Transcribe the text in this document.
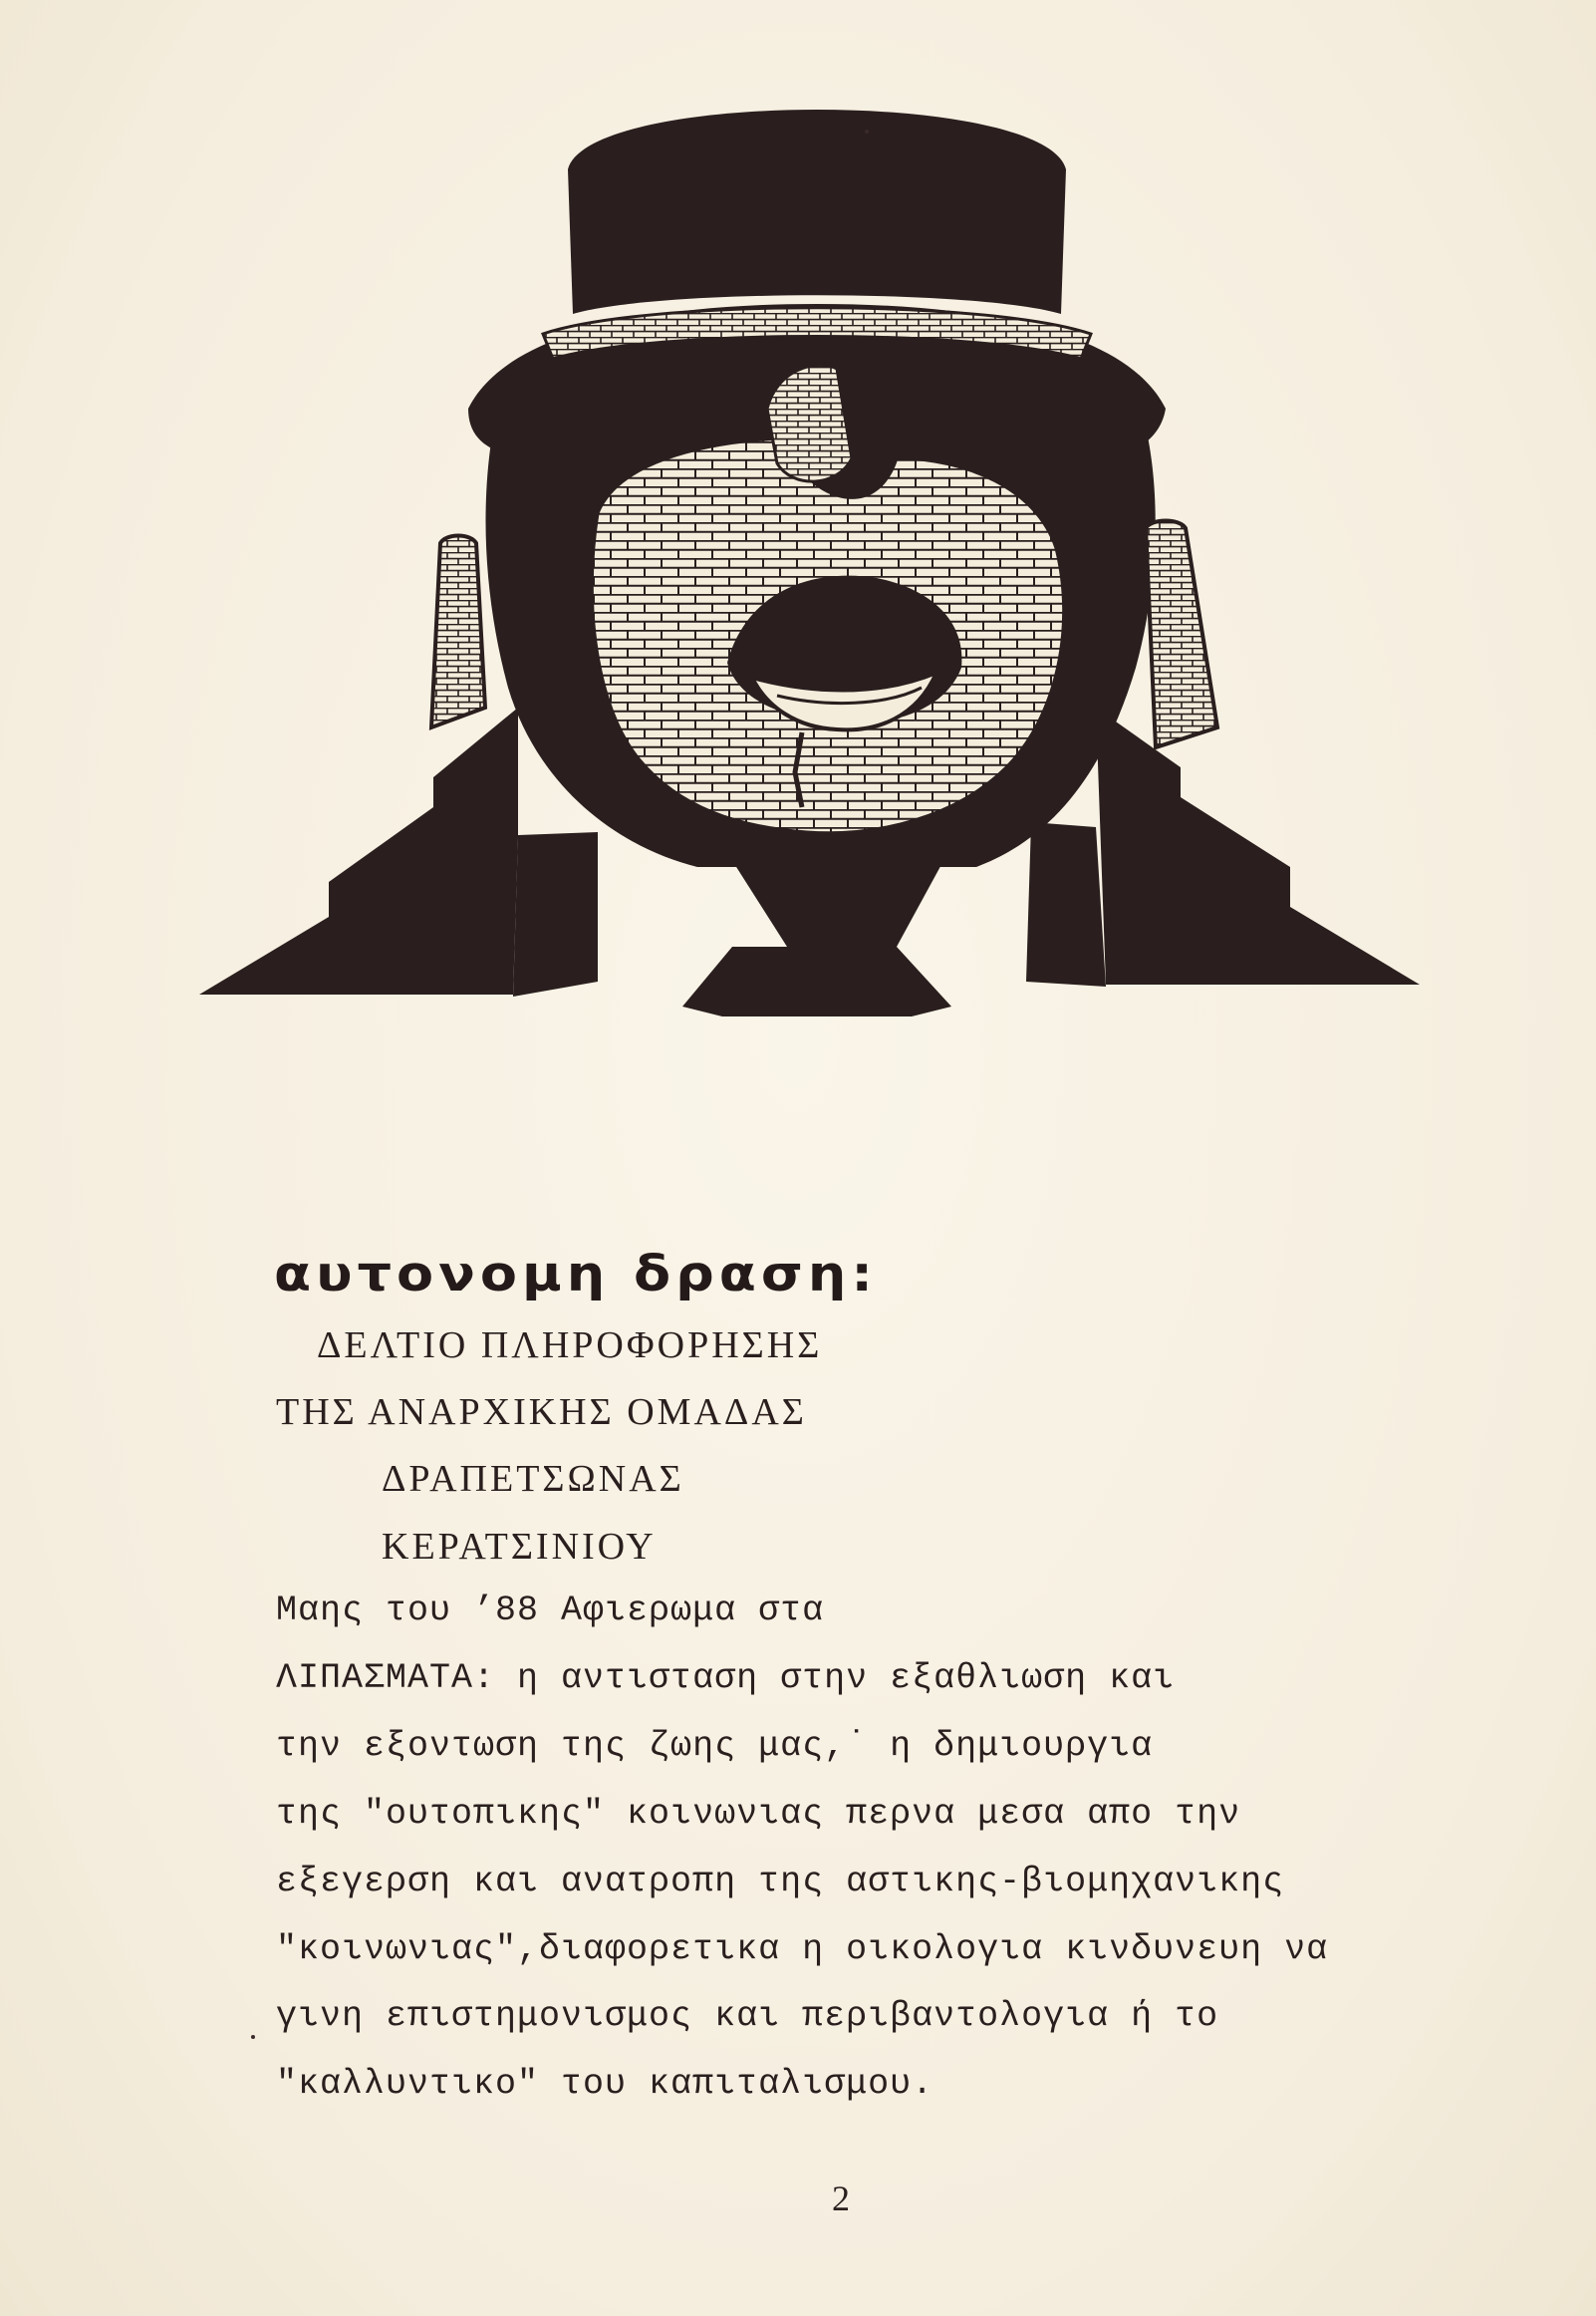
αυτονομη δραση:
ΔΕΛΤΙΟ ΠΛΗΡΟΦΟΡΗΣΗΣ
ΤΗΣ ΑΝΑΡΧΙΚΗΣ ΟΜΑΔΑΣ
ΔΡΑΠΕΤΣΩΝΑΣ
ΚΕΡΑΤΣΙΝΙΟΥ
Μαης του ’88 Αφιερωμα στα
ΛΙΠΑΣΜΑΤΑ: η αντισταση στην εξαθλιωση και
την εξοντωση της ζωης μας,˙ η δημιουργια
της "ουτοπικης" κοινωνιας περνα μεσα απο την
εξεγερση και ανατροπη της αστικης-βιομηχανικης
"κοινωνιας",διαφορετικα η οικολογια κινδυνευη να
γινη επιστημονισμος και περιβαντολογια ή το
"καλλυντικο" του καπιταλισμου.
2
